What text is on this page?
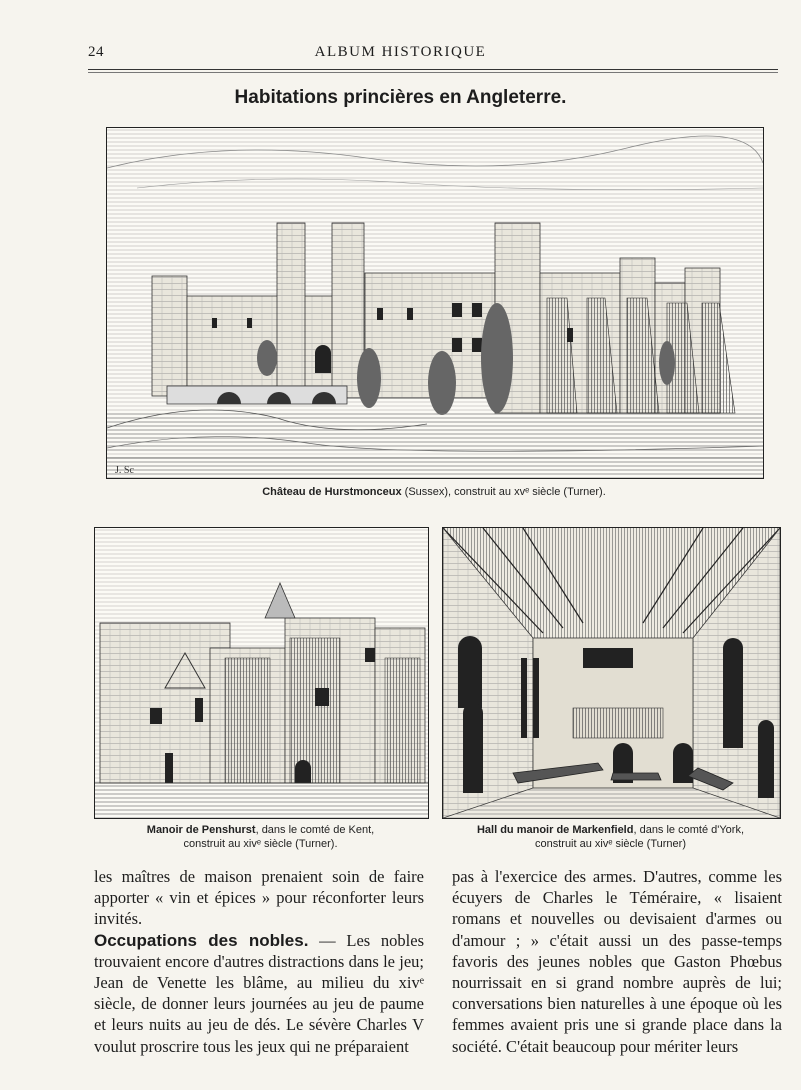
24	ALBUM HISTORIQUE
Habitations princières en Angleterre.
J. Sc
Château de Hurstmonceux (Sussex), construit au xvᵉ siècle (Turner).
Manoir de Penshurst, dans le comté de Kent,
construit au xivᵉ siècle (Turner).
Hall du manoir de Markenfield, dans le comté d'York,
construit au xivᵉ siècle (Turner)
les maîtres de maison prenaient soin de faire apporter « vin et épices » pour réconforter leurs invités.
Occupations des nobles. — Les nobles trouvaient encore d'autres distractions dans le jeu; Jean de Venette les blâme, au milieu du xivᵉ siècle, de donner leurs journées au jeu de paume et leurs nuits au jeu de dés. Le sévère Charles V voulut proscrire tous les jeux qui ne préparaient
pas à l'exercice des armes. D'autres, comme les écuyers de Charles le Téméraire, « lisaient romans et nouvelles ou devisaient d'armes ou d'amour ; » c'était aussi un des passe-temps favoris des jeunes nobles que Gaston Phœbus nourrissait en si grand nombre auprès de lui; conversations bien naturelles à une époque où les femmes avaient pris une si grande place dans la société. C'était beaucoup pour mériter leurs
